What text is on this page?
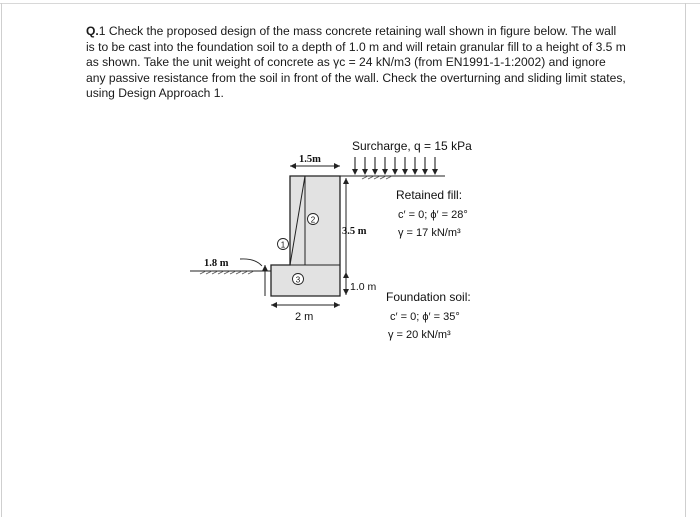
Q.1 Check the proposed design of the mass concrete retaining wall shown in figure below. The wall is to be cast into the foundation soil to a depth of 1.0 m and will retain granular fill to a height of 3.5 m as shown. Take the unit weight of concrete as γc = 24 kN/m3 (from EN1991-1-1:2002) and ignore any passive resistance from the soil in front of the wall. Check the overturning and sliding limit states, using Design Approach 1.
1
2
3
Surcharge, q = 15 kPa
1.5m
2 m
1.8 m
3.5 m
1.0 m
Retained fill:
c′ = 0; ϕ′ = 28°
γ = 17 kN/m³
Foundation soil:
c′ = 0; ϕ′ = 35°
γ = 20 kN/m³
